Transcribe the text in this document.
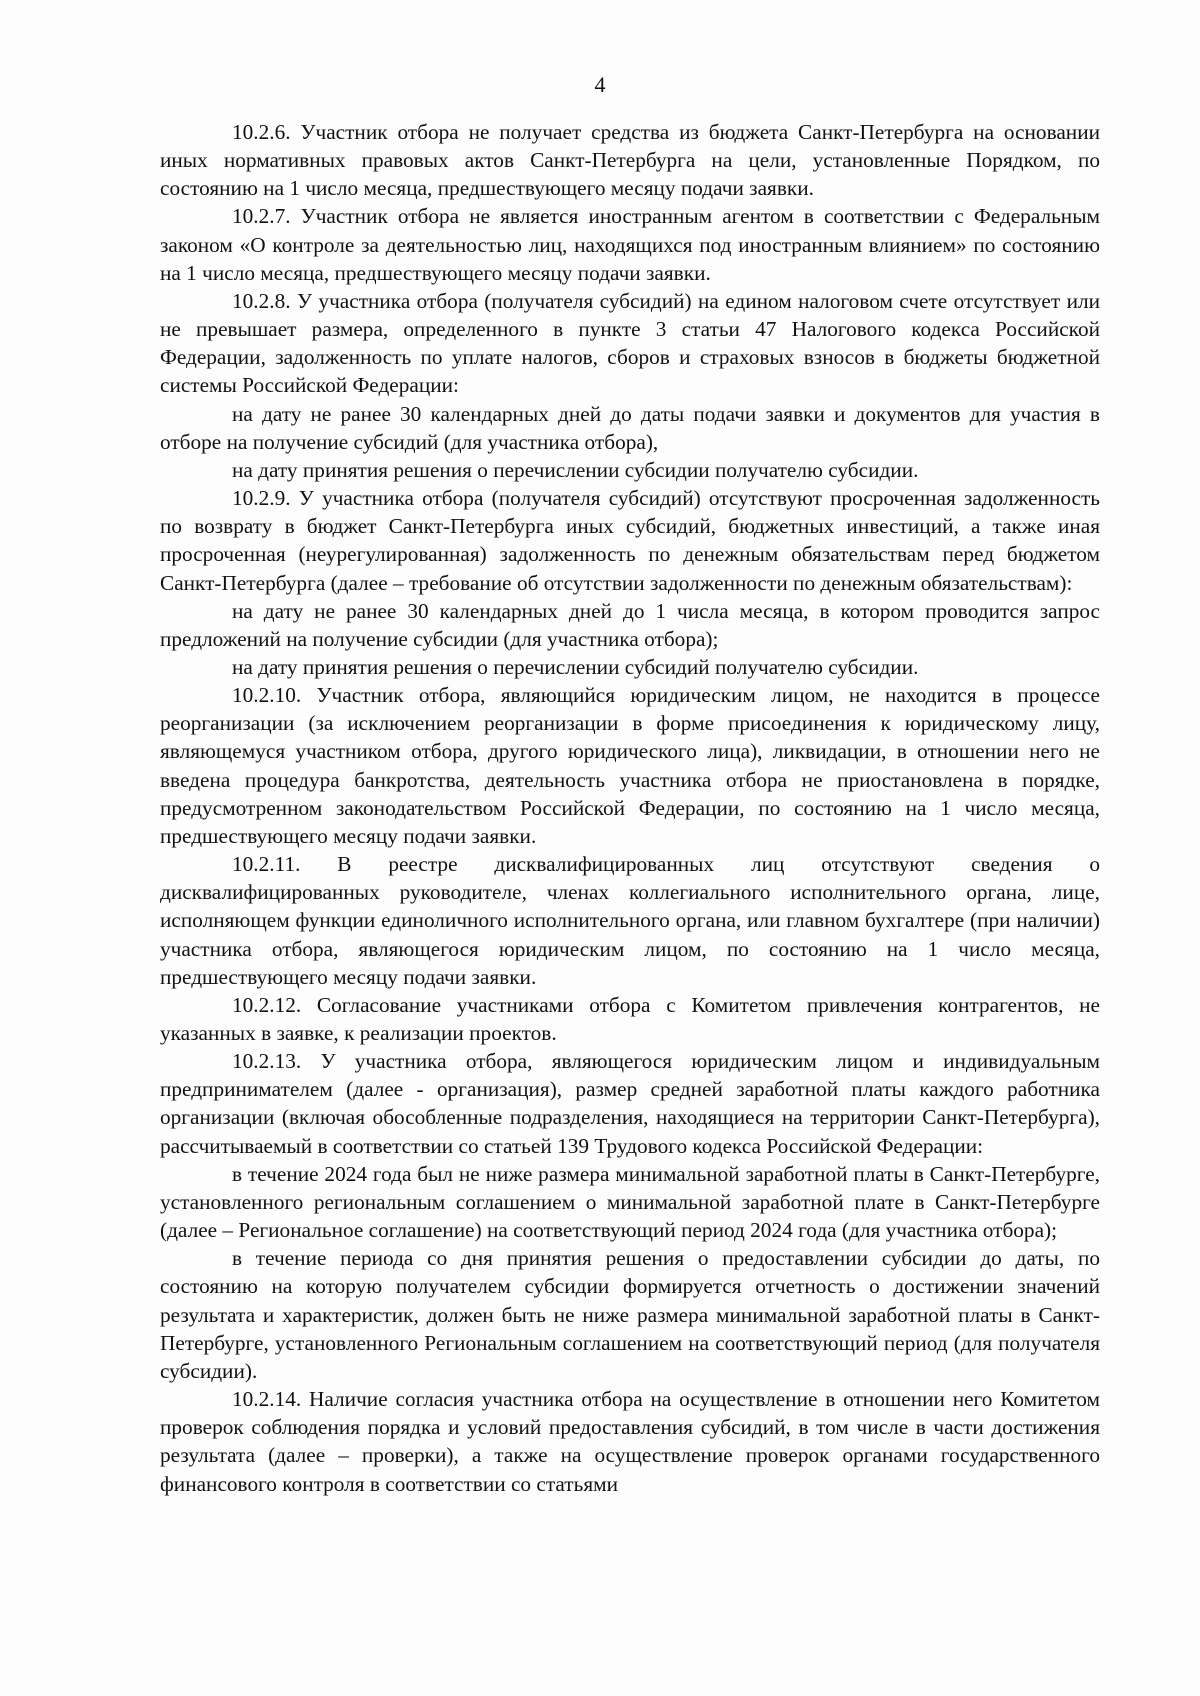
4

10.2.6. Участник отбора не получает средства из бюджета Санкт-Петербурга на основании иных нормативных правовых актов Санкт-Петербурга на цели, установленные Порядком, по состоянию на 1 число месяца, предшествующего месяцу подачи заявки.

10.2.7. Участник отбора не является иностранным агентом в соответствии с Федеральным законом «О контроле за деятельностью лиц, находящихся под иностранным влиянием» по состоянию на 1 число месяца, предшествующего месяцу подачи заявки.

10.2.8. У участника отбора (получателя субсидий) на едином налоговом счете отсутствует или не превышает размера, определенного в пункте 3 статьи 47 Налогового кодекса Российской Федерации, задолженность по уплате налогов, сборов и страховых взносов в бюджеты бюджетной системы Российской Федерации:

на дату не ранее 30 календарных дней до даты подачи заявки и документов для участия в отборе на получение субсидий (для участника отбора),

на дату принятия решения о перечислении субсидии получателю субсидии.

10.2.9. У участника отбора (получателя субсидий) отсутствуют просроченная задолженность по возврату в бюджет Санкт-Петербурга иных субсидий, бюджетных инвестиций, а также иная просроченная (неурегулированная) задолженность по денежным обязательствам перед бюджетом Санкт-Петербурга (далее – требование об отсутствии задолженности по денежным обязательствам):

на дату не ранее 30 календарных дней до 1 числа месяца, в котором проводится запрос предложений на получение субсидии (для участника отбора);

на дату принятия решения о перечислении субсидий получателю субсидии.

10.2.10. Участник отбора, являющийся юридическим лицом, не находится в процессе реорганизации (за исключением реорганизации в форме присоединения к юридическому лицу, являющемуся участником отбора, другого юридического лица), ликвидации, в отношении него не введена процедура банкротства, деятельность участника отбора не приостановлена в порядке, предусмотренном законодательством Российской Федерации, по состоянию на 1 число месяца, предшествующего месяцу подачи заявки.

10.2.11. В реестре дисквалифицированных лиц отсутствуют сведения о дисквалифицированных руководителе, членах коллегиального исполнительного органа, лице, исполняющем функции единоличного исполнительного органа, или главном бухгалтере (при наличии) участника отбора, являющегося юридическим лицом, по состоянию на 1 число месяца, предшествующего месяцу подачи заявки.

10.2.12. Согласование участниками отбора с Комитетом привлечения контрагентов, не указанных в заявке, к реализации проектов.

10.2.13. У участника отбора, являющегося юридическим лицом и индивидуальным предпринимателем (далее - организация), размер средней заработной платы каждого работника организации (включая обособленные подразделения, находящиеся на территории Санкт-Петербурга), рассчитываемый в соответствии со статьей 139 Трудового кодекса Российской Федерации:

в течение 2024 года был не ниже размера минимальной заработной платы в Санкт-Петербурге, установленного региональным соглашением о минимальной заработной плате в Санкт-Петербурге (далее – Региональное соглашение) на соответствующий период 2024 года (для участника отбора);

в течение периода со дня принятия решения о предоставлении субсидии до даты, по состоянию на которую получателем субсидии формируется отчетность о достижении значений результата и характеристик, должен быть не ниже размера минимальной заработной платы в Санкт-Петербурге, установленного Региональным соглашением на соответствующий период (для получателя субсидии).

10.2.14. Наличие согласия участника отбора на осуществление в отношении него Комитетом проверок соблюдения порядка и условий предоставления субсидий, в том числе в части достижения результата (далее – проверки), а также на осуществление проверок органами государственного финансового контроля в соответствии со статьями
